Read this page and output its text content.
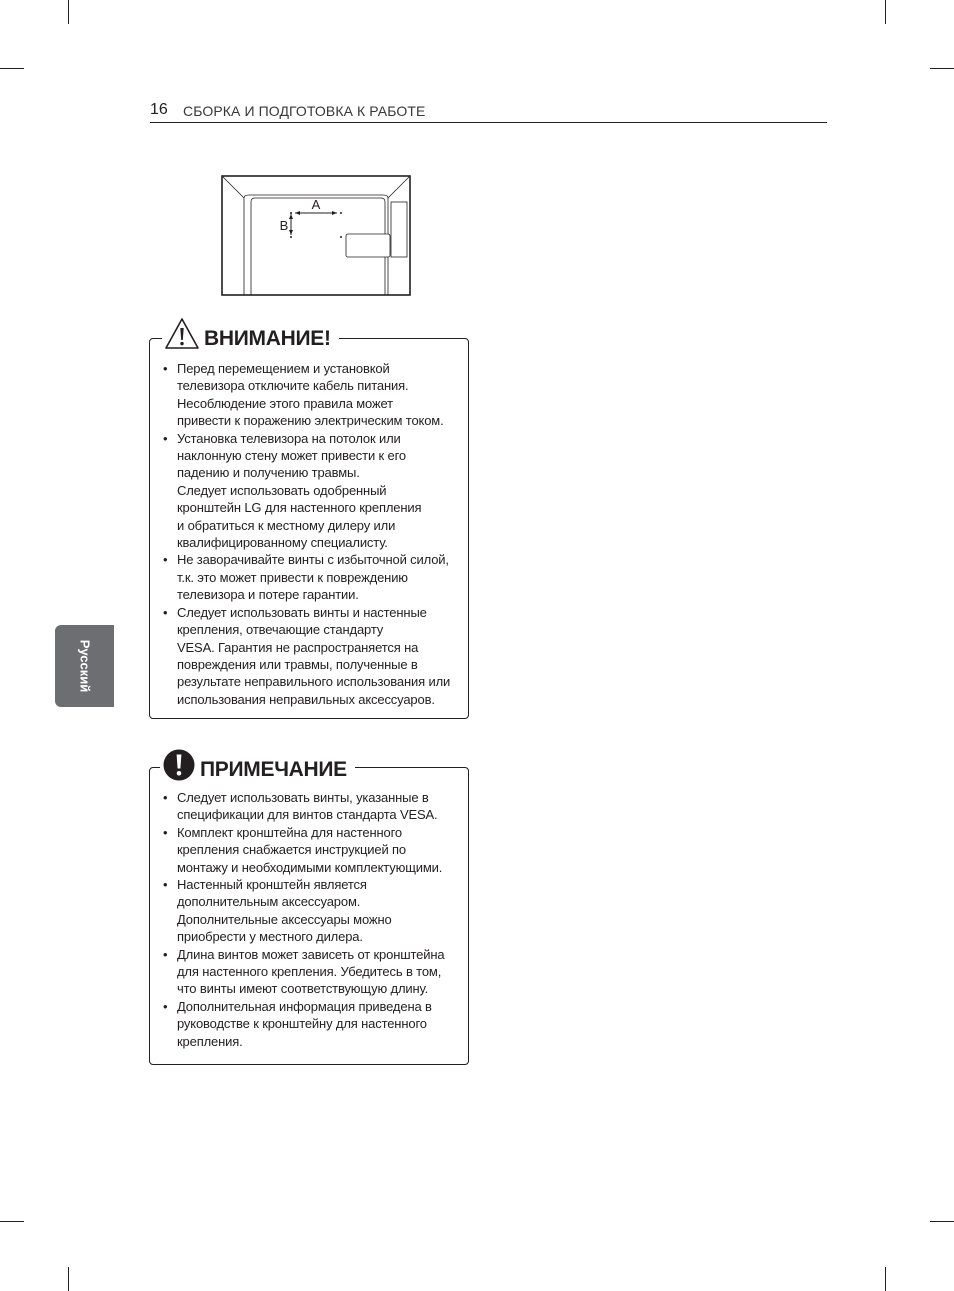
16 СБОРКА И ПОДГОТОВКА К РАБОТЕ
Русский
A
B
ВНИМАНИЕ!
• Перед перемещением и установкой
телевизора отключите кабель питания.
Несоблюдение этого правила может
привести к поражению электрическим током.
• Установка телевизора на потолок или
наклонную стену может привести к его
падению и получению травмы.
Следует использовать одобренный
кронштейн LG для настенного крепления
и обратиться к местному дилеру или
квалифицированному специалисту.
• Не заворачивайте винты с избыточной силой,
т.к. это может привести к повреждению
телевизора и потере гарантии.
• Следует использовать винты и настенные
крепления, отвечающие стандарту
VESA. Гарантия не распространяется на
повреждения или травмы, полученные в
результате неправильного использования или
использования неправильных аксессуаров.
ПРИМЕЧАНИЕ
• Следует использовать винты, указанные в
спецификации для винтов стандарта VESA.
• Комплект кронштейна для настенного
крепления снабжается инструкцией по
монтажу и необходимыми комплектующими.
• Настенный кронштейн является
дополнительным аксессуаром.
Дополнительные аксессуары можно
приобрести у местного дилера.
• Длина винтов может зависеть от кронштейна
для настенного крепления. Убедитесь в том,
что винты имеют соответствующую длину.
• Дополнительная информация приведена в
руководстве к кронштейну для настенного
крепления.
